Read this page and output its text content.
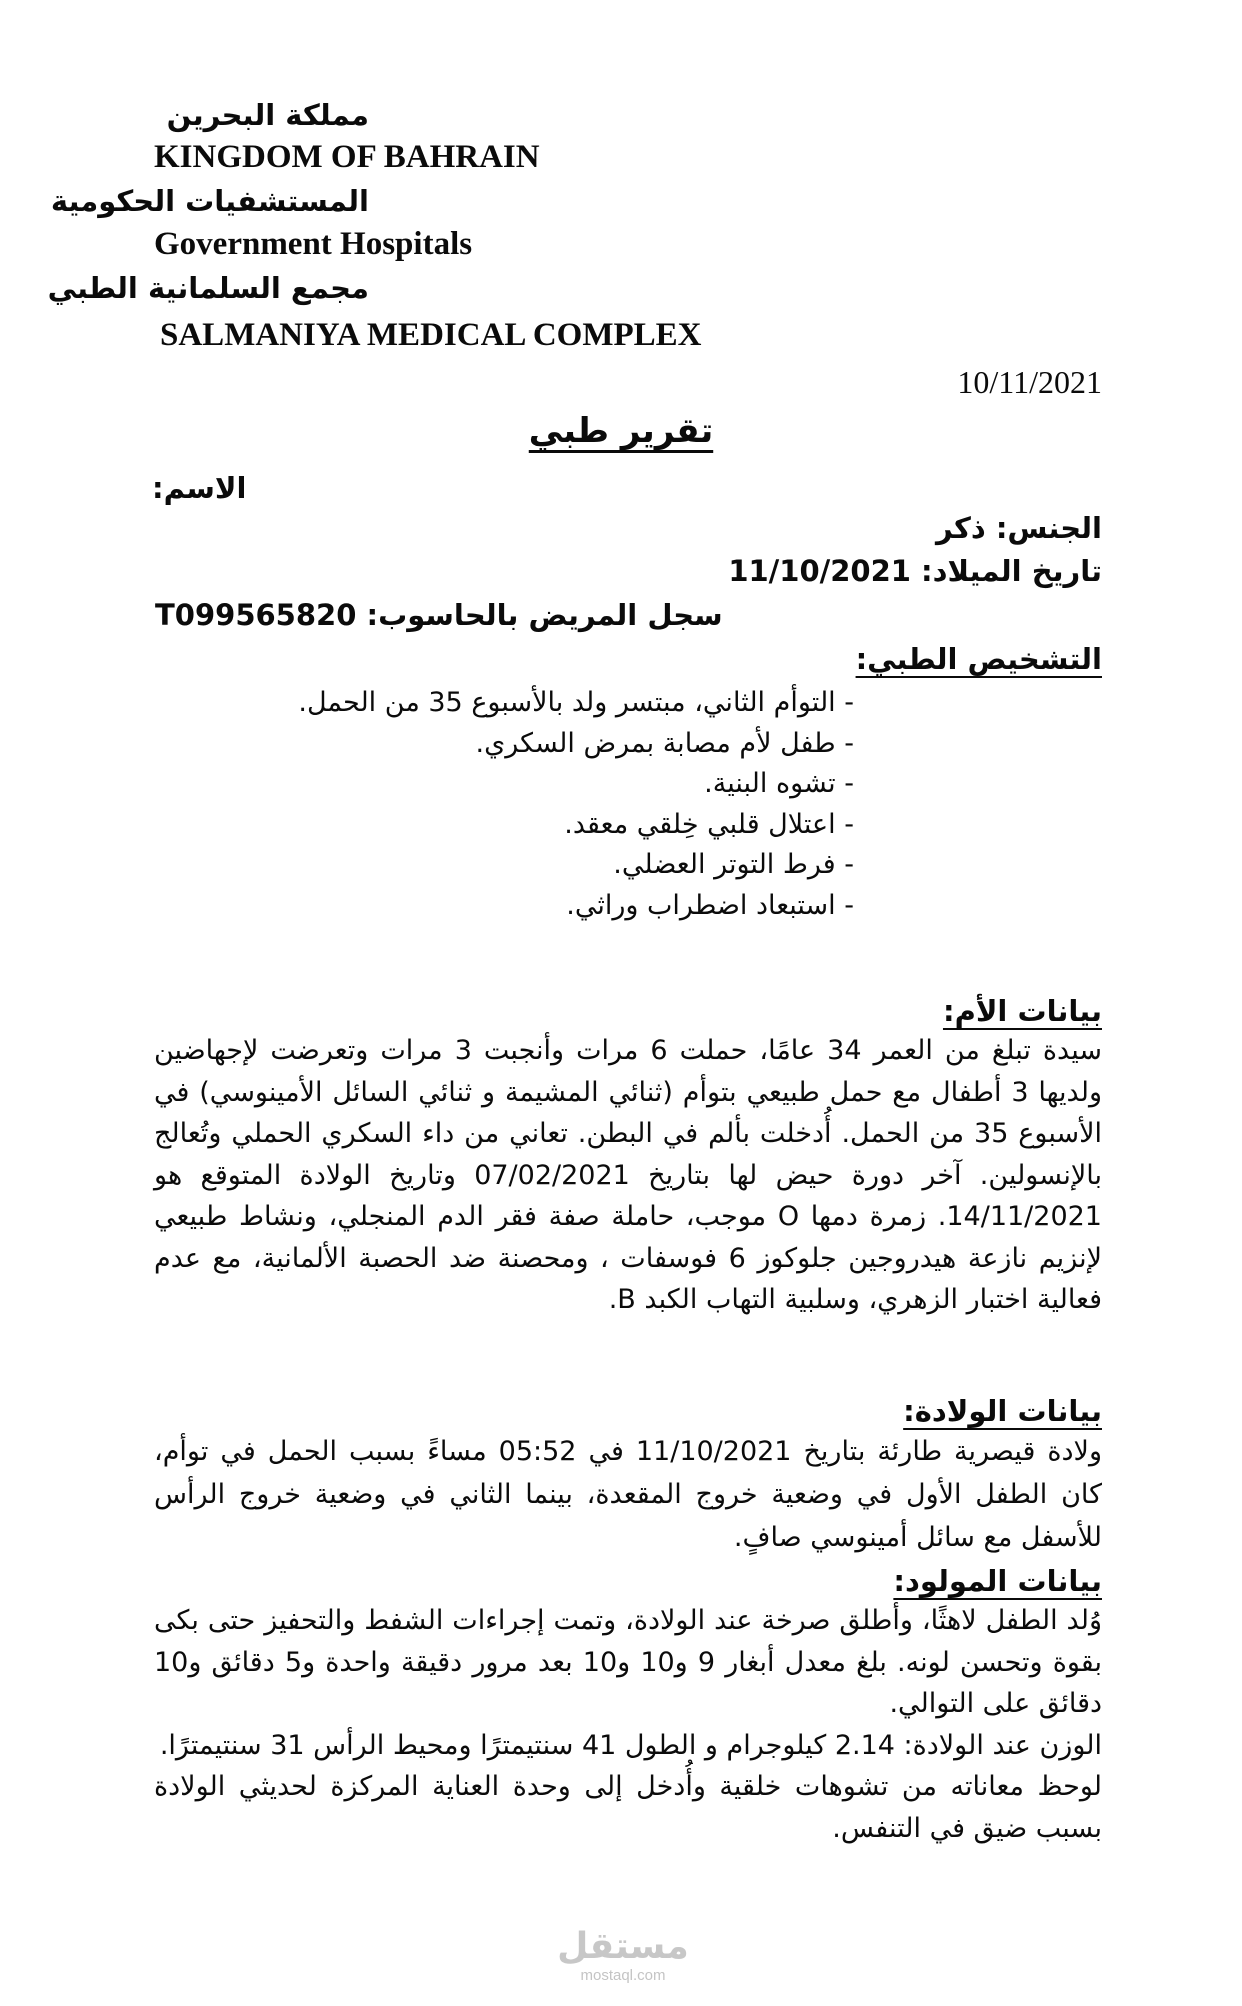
مملكة البحرين
KINGDOM OF BAHRAIN
المستشفيات الحكومية
Government Hospitals
مجمع السلمانية الطبي
SALMANIYA MEDICAL COMPLEX
10/11/2021
تقرير طبي
الاسم:
الجنس: ذكر
تاريخ الميلاد: 11/10/2021
سجل المريض بالحاسوب: T099565820
التشخيص الطبي:
- التوأم الثاني، مبتسر ولد بالأسبوع 35 من الحمل.
- طفل لأم مصابة بمرض السكري.
- تشوه البنية.
- اعتلال قلبي خِلقي معقد.
- فرط التوتر العضلي.
- استبعاد اضطراب وراثي.
بيانات الأم:
سيدة تبلغ من العمر 34 عامًا، حملت 6 مرات وأنجبت 3 مرات وتعرضت لإجهاضين ولديها 3 أطفال مع حمل طبيعي بتوأم (ثنائي المشيمة و ثنائي السائل الأمينوسي) في الأسبوع 35 من الحمل. أُدخلت بألم في البطن. تعاني من داء السكري الحملي وتُعالج بالإنسولين. آخر دورة حيض لها بتاريخ 07/02/2021 وتاريخ الولادة المتوقع هو 14/11/2021. زمرة دمها O موجب، حاملة صفة فقر الدم المنجلي، ونشاط طبيعي لإنزيم نازعة هيدروجين جلوكوز 6 فوسفات ، ومحصنة ضد الحصبة الألمانية، مع عدم فعالية اختبار الزهري، وسلبية التهاب الكبد B.
بيانات الولادة:
ولادة قيصرية طارئة بتاريخ 11/10/2021 في 05:52 مساءً بسبب الحمل في توأم، كان الطفل الأول في وضعية خروج المقعدة، بينما الثاني في وضعية خروج الرأس للأسفل مع سائل أمينوسي صافٍ.
بيانات المولود:

وُلد الطفل لاهثًا، وأطلق صرخة عند الولادة، وتمت إجراءات الشفط والتحفيز حتى بكى بقوة وتحسن لونه. بلغ معدل أبغار 9 و10 و10 بعد مرور دقيقة واحدة و5 دقائق و10 دقائق على التوالي.

الوزن عند الولادة: 2.14 كيلوجرام و الطول 41 سنتيمترًا ومحيط الرأس 31 سنتيمترًا.

لوحظ معاناته من تشوهات خلقية وأُدخل إلى وحدة العناية المركزة لحديثي الولادة بسبب ضيق في التنفس.

مستقل
mostaql.com
